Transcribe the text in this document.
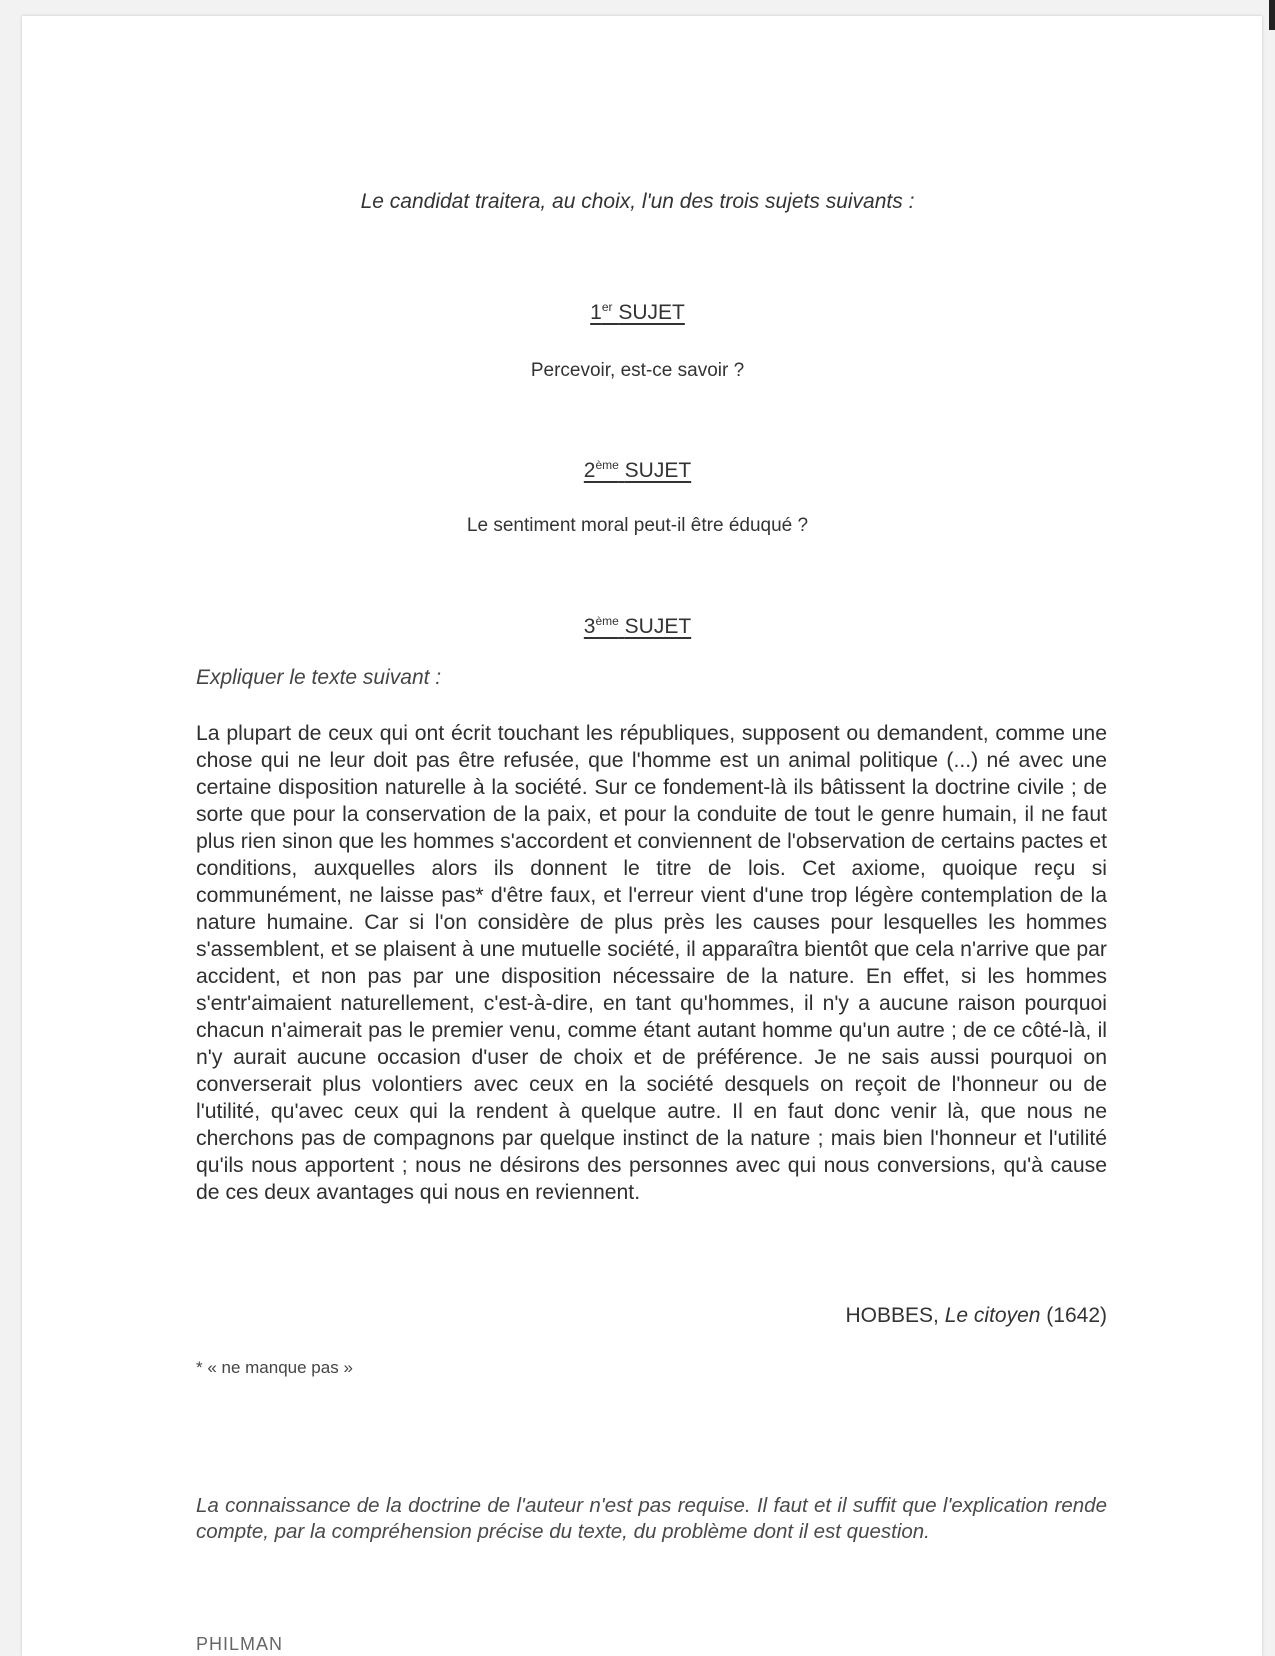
Le candidat traitera, au choix, l'un des trois sujets suivants :
1er SUJET
Percevoir, est-ce savoir ?
2ème SUJET
Le sentiment moral peut-il être éduqué ?
3ème SUJET
Expliquer le texte suivant :
La plupart de ceux qui ont écrit touchant les républiques, supposent ou demandent, comme une chose qui ne leur doit pas être refusée, que l'homme est un animal politique (...) né avec une certaine disposition naturelle à la société. Sur ce fondement-là ils bâtissent la doctrine civile ; de sorte que pour la conservation de la paix, et pour la conduite de tout le genre humain, il ne faut plus rien sinon que les hommes s'accordent et conviennent de l'observation de certains pactes et conditions, auxquelles alors ils donnent le titre de lois. Cet axiome, quoique reçu si communément, ne laisse pas* d'être faux, et l'erreur vient d'une trop légère contemplation de la nature humaine. Car si l'on considère de plus près les causes pour lesquelles les hommes s'assemblent, et se plaisent à une mutuelle société, il apparaîtra bientôt que cela n'arrive que par accident, et non pas par une disposition nécessaire de la nature. En effet, si les hommes s'entr'aimaient naturellement, c'est-à-dire, en tant qu'hommes, il n'y a aucune raison pourquoi chacun n'aimerait pas le premier venu, comme étant autant homme qu'un autre ; de ce côté-là, il n'y aurait aucune occasion d'user de choix et de préférence. Je ne sais aussi pourquoi on converserait plus volontiers avec ceux en la société desquels on reçoit de l'honneur ou de l'utilité, qu'avec ceux qui la rendent à quelque autre. Il en faut donc venir là, que nous ne cherchons pas de compagnons par quelque instinct de la nature ; mais bien l'honneur et l'utilité qu'ils nous apportent ; nous ne désirons des personnes avec qui nous conversions, qu'à cause de ces deux avantages qui nous en reviennent.
HOBBES, Le citoyen (1642)
* « ne manque pas »
La connaissance de la doctrine de l'auteur n'est pas requise. Il faut et il suffit que l'explication rende compte, par la compréhension précise du texte, du problème dont il est question.
PHILMAN
